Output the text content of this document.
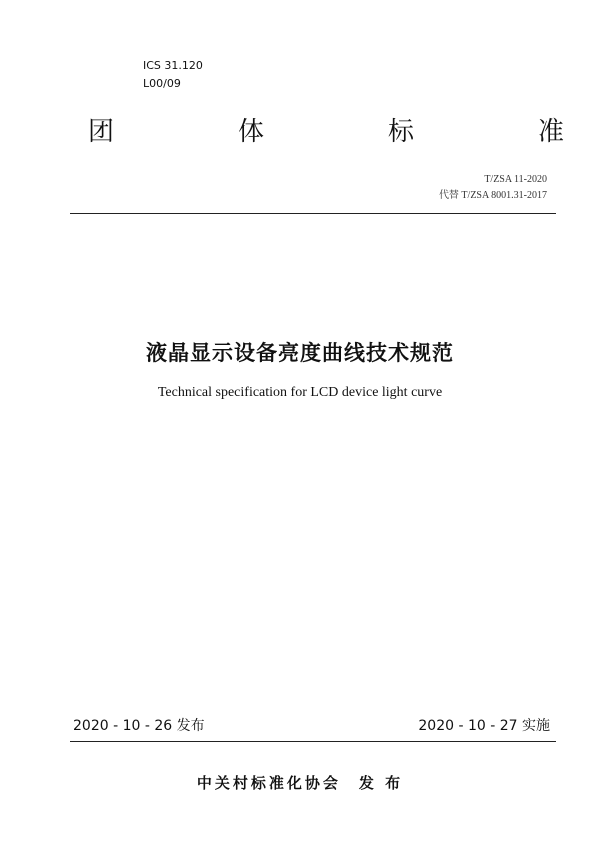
ICS 31.120
L00/09
团	体	标	准
T/ZSA 11-2020
代替 T/ZSA 8001.31-2017
液晶显示设备亮度曲线技术规范
Technical specification for LCD device light curve
2020 - 10 - 26 发布	2020 - 10 - 27 实施
中关村标准化协会 发 布
